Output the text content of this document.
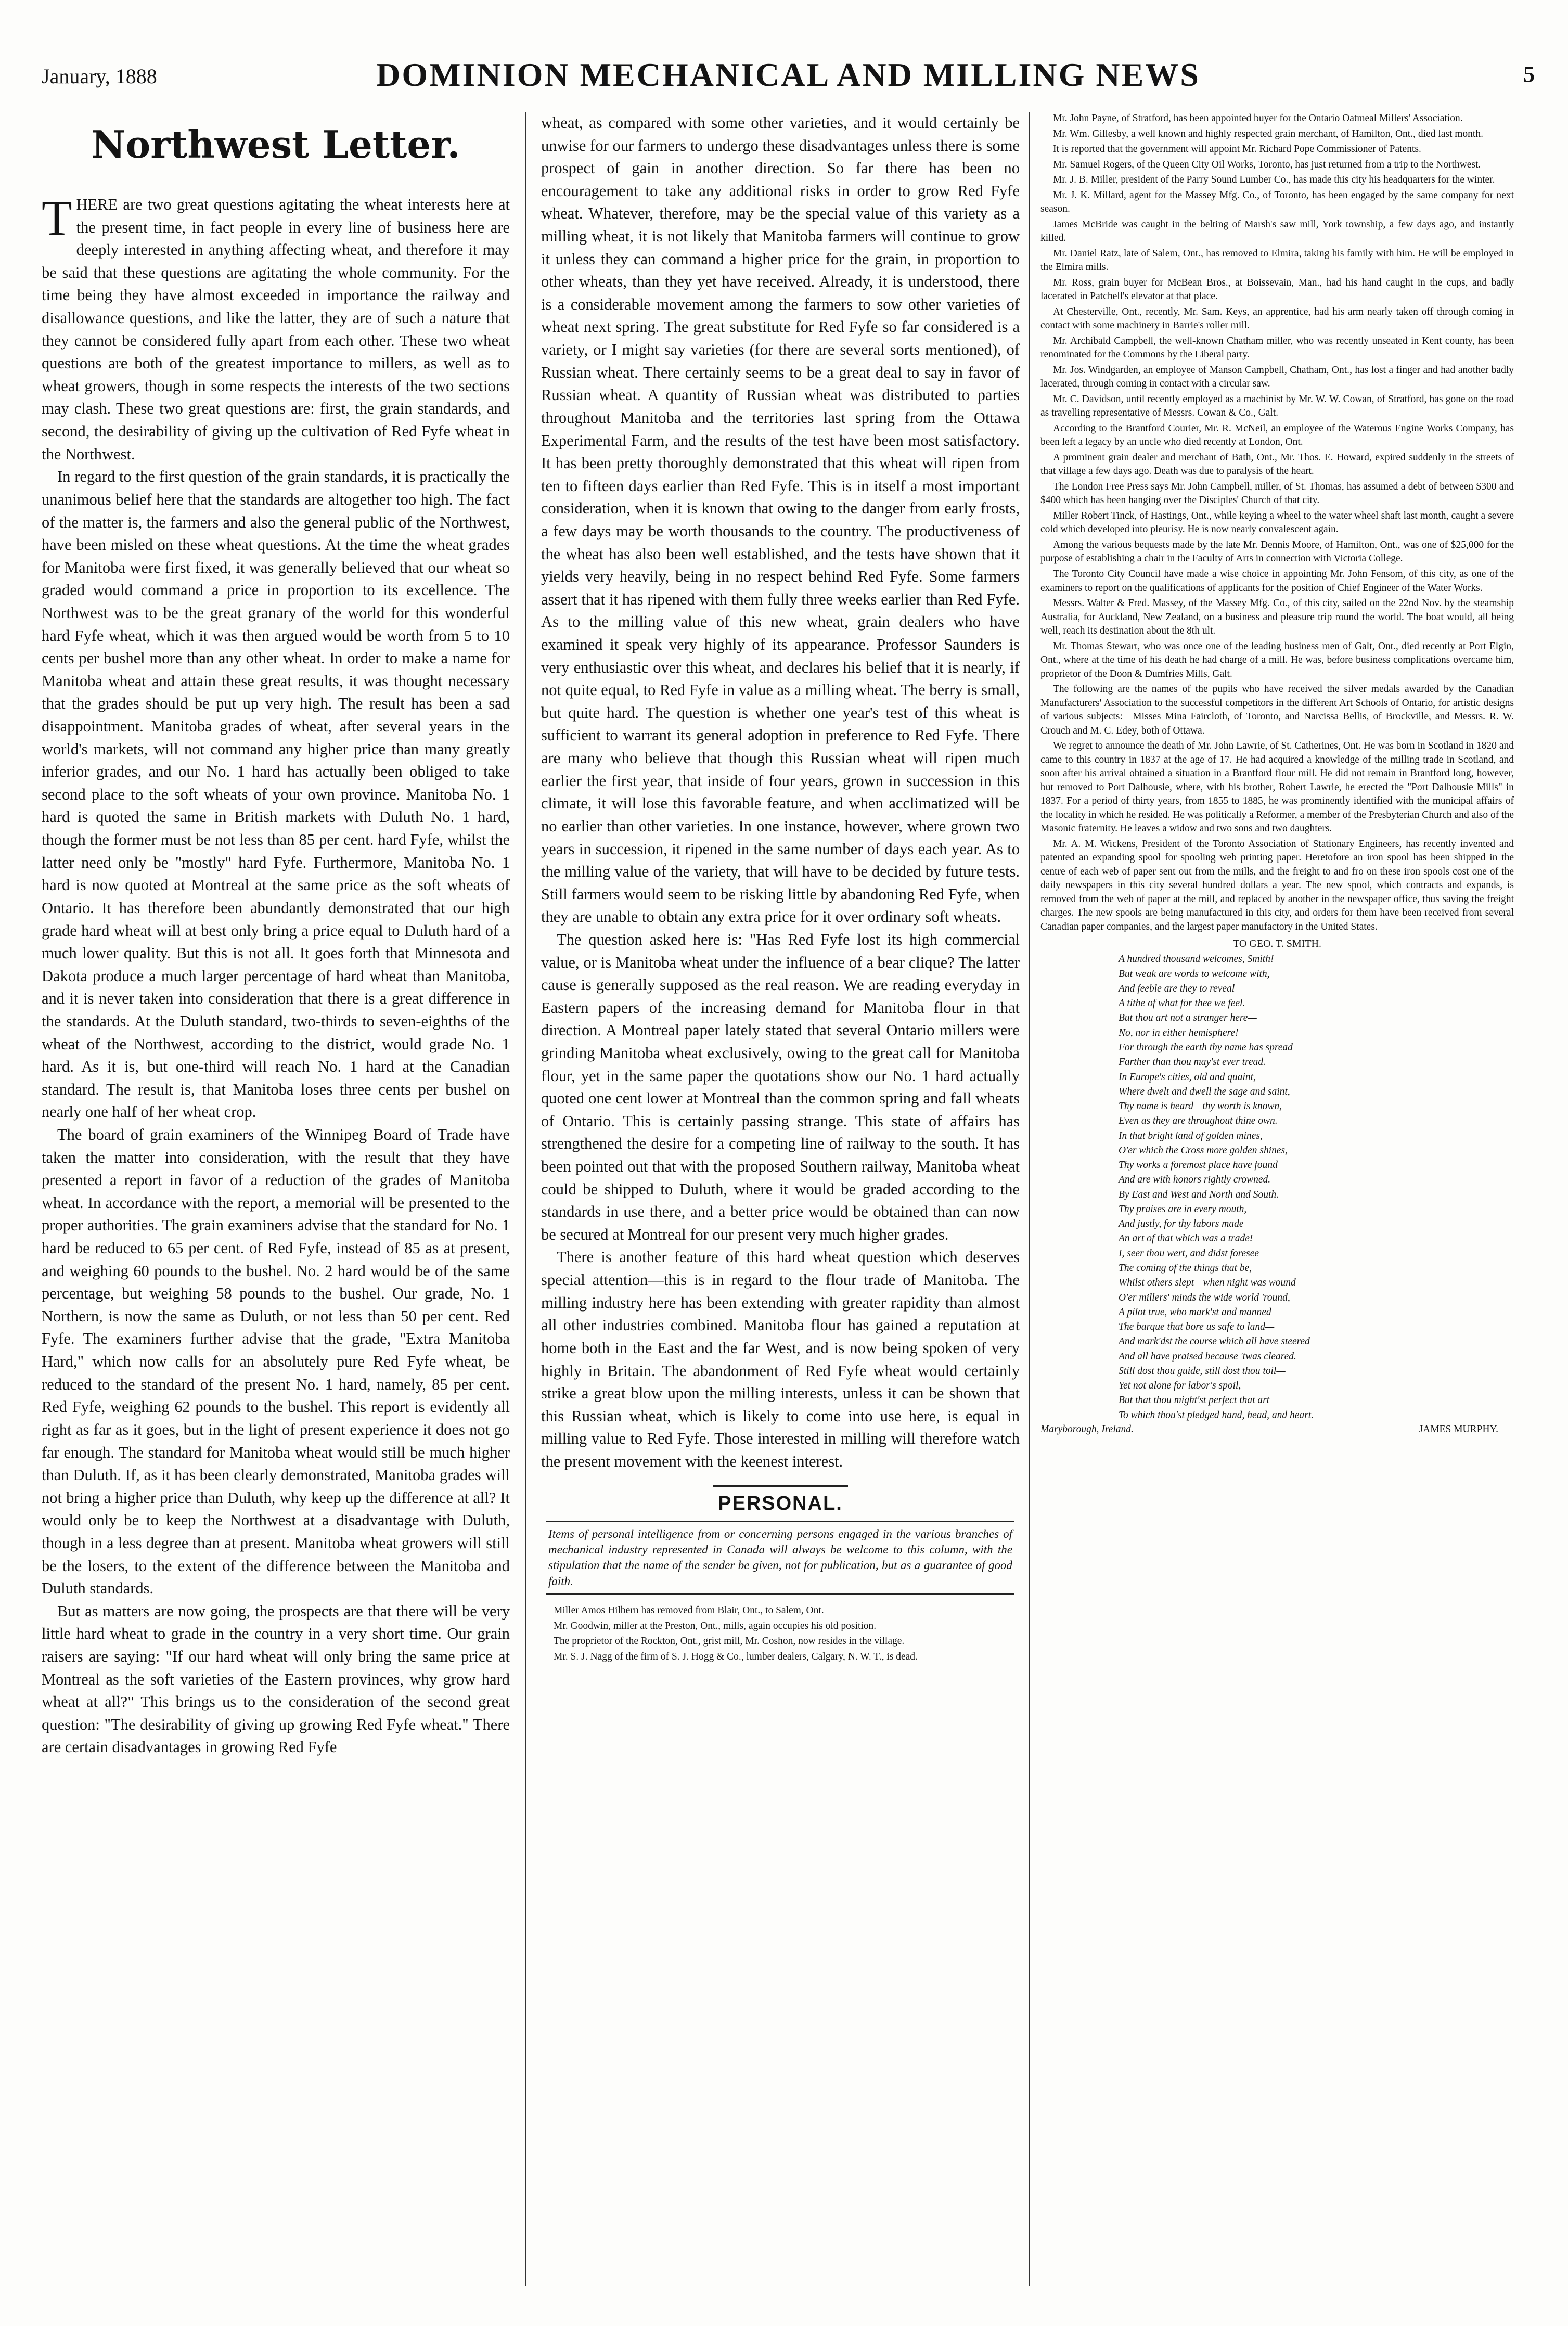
January, 1888	DOMINION MECHANICAL AND MILLING NEWS	5
Northwest Letter.

THERE are two great questions agitating the wheat interests here at the present time, in fact people in every line of business here are deeply interested in anything affecting wheat, and therefore it may be said that these questions are agitating the whole community. For the time being they have almost exceeded in importance the railway and disallowance questions, and like the latter, they are of such a nature that they cannot be considered fully apart from each other. These two wheat questions are both of the greatest importance to millers, as well as to wheat growers, though in some respects the interests of the two sections may clash. These two great questions are: first, the grain standards, and second, the desirability of giving up the cultivation of Red Fyfe wheat in the Northwest.

In regard to the first question of the grain standards, it is practically the unanimous belief here that the standards are altogether too high. The fact of the matter is, the farmers and also the general public of the Northwest, have been misled on these wheat questions. At the time the wheat grades for Manitoba were first fixed, it was generally believed that our wheat so graded would command a price in proportion to its excellence. The Northwest was to be the great granary of the world for this wonderful hard Fyfe wheat, which it was then argued would be worth from 5 to 10 cents per bushel more than any other wheat. In order to make a name for Manitoba wheat and attain these great results, it was thought necessary that the grades should be put up very high. The result has been a sad disappointment. Manitoba grades of wheat, after several years in the world's markets, will not command any higher price than many greatly inferior grades, and our No. 1 hard has actually been obliged to take second place to the soft wheats of your own province. Manitoba No. 1 hard is quoted the same in British markets with Duluth No. 1 hard, though the former must be not less than 85 per cent. hard Fyfe, whilst the latter need only be "mostly" hard Fyfe. Furthermore, Manitoba No. 1 hard is now quoted at Montreal at the same price as the soft wheats of Ontario. It has therefore been abundantly demonstrated that our high grade hard wheat will at best only bring a price equal to Duluth hard of a much lower quality. But this is not all. It goes forth that Minnesota and Dakota produce a much larger percentage of hard wheat than Manitoba, and it is never taken into consideration that there is a great difference in the standards. At the Duluth standard, two-thirds to seven-eighths of the wheat of the Northwest, according to the district, would grade No. 1 hard. As it is, but one-third will reach No. 1 hard at the Canadian standard. The result is, that Manitoba loses three cents per bushel on nearly one half of her wheat crop.

The board of grain examiners of the Winnipeg Board of Trade have taken the matter into consideration, with the result that they have presented a report in favor of a reduction of the grades of Manitoba wheat. In accordance with the report, a memorial will be presented to the proper authorities. The grain examiners advise that the standard for No. 1 hard be reduced to 65 per cent. of Red Fyfe, instead of 85 as at present, and weighing 60 pounds to the bushel. No. 2 hard would be of the same percentage, but weighing 58 pounds to the bushel. Our grade, No. 1 Northern, is now the same as Duluth, or not less than 50 per cent. Red Fyfe. The examiners further advise that the grade, "Extra Manitoba Hard," which now calls for an absolutely pure Red Fyfe wheat, be reduced to the standard of the present No. 1 hard, namely, 85 per cent. Red Fyfe, weighing 62 pounds to the bushel. This report is evidently all right as far as it goes, but in the light of present experience it does not go far enough. The standard for Manitoba wheat would still be much higher than Duluth. If, as it has been clearly demonstrated, Manitoba grades will not bring a higher price than Duluth, why keep up the difference at all? It would only be to keep the Northwest at a disadvantage with Duluth, though in a less degree than at present. Manitoba wheat growers will still be the losers, to the extent of the difference between the Manitoba and Duluth standards.

But as matters are now going, the prospects are that there will be very little hard wheat to grade in the country in a very short time. Our grain raisers are saying: "If our hard wheat will only bring the same price at Montreal as the soft varieties of the Eastern provinces, why grow hard wheat at all?" This brings us to the consideration of the second great question: "The desirability of giving up growing Red Fyfe wheat." There are certain disadvantages in growing Red Fyfe

wheat, as compared with some other varieties, and it would certainly be unwise for our farmers to undergo these disadvantages unless there is some prospect of gain in another direction. So far there has been no encouragement to take any additional risks in order to grow Red Fyfe wheat. Whatever, therefore, may be the special value of this variety as a milling wheat, it is not likely that Manitoba farmers will continue to grow it unless they can command a higher price for the grain, in proportion to other wheats, than they yet have received. Already, it is understood, there is a considerable movement among the farmers to sow other varieties of wheat next spring. The great substitute for Red Fyfe so far considered is a variety, or I might say varieties (for there are several sorts mentioned), of Russian wheat. There certainly seems to be a great deal to say in favor of Russian wheat. A quantity of Russian wheat was distributed to parties throughout Manitoba and the territories last spring from the Ottawa Experimental Farm, and the results of the test have been most satisfactory. It has been pretty thoroughly demonstrated that this wheat will ripen from ten to fifteen days earlier than Red Fyfe. This is in itself a most important consideration, when it is known that owing to the danger from early frosts, a few days may be worth thousands to the country. The productiveness of the wheat has also been well established, and the tests have shown that it yields very heavily, being in no respect behind Red Fyfe. Some farmers assert that it has ripened with them fully three weeks earlier than Red Fyfe. As to the milling value of this new wheat, grain dealers who have examined it speak very highly of its appearance. Professor Saunders is very enthusiastic over this wheat, and declares his belief that it is nearly, if not quite equal, to Red Fyfe in value as a milling wheat. The berry is small, but quite hard. The question is whether one year's test of this wheat is sufficient to warrant its general adoption in preference to Red Fyfe. There are many who believe that though this Russian wheat will ripen much earlier the first year, that inside of four years, grown in succession in this climate, it will lose this favorable feature, and when acclimatized will be no earlier than other varieties. In one instance, however, where grown two years in succession, it ripened in the same number of days each year. As to the milling value of the variety, that will have to be decided by future tests. Still farmers would seem to be risking little by abandoning Red Fyfe, when they are unable to obtain any extra price for it over ordinary soft wheats.

The question asked here is: "Has Red Fyfe lost its high commercial value, or is Manitoba wheat under the influence of a bear clique? The latter cause is generally supposed as the real reason. We are reading everyday in Eastern papers of the increasing demand for Manitoba flour in that direction. A Montreal paper lately stated that several Ontario millers were grinding Manitoba wheat exclusively, owing to the great call for Manitoba flour, yet in the same paper the quotations show our No. 1 hard actually quoted one cent lower at Montreal than the common spring and fall wheats of Ontario. This is certainly passing strange. This state of affairs has strengthened the desire for a competing line of railway to the south. It has been pointed out that with the proposed Southern railway, Manitoba wheat could be shipped to Duluth, where it would be graded according to the standards in use there, and a better price would be obtained than can now be secured at Montreal for our present very much higher grades.

There is another feature of this hard wheat question which deserves special attention—this is in regard to the flour trade of Manitoba. The milling industry here has been extending with greater rapidity than almost all other industries combined. Manitoba flour has gained a reputation at home both in the East and the far West, and is now being spoken of very highly in Britain. The abandonment of Red Fyfe wheat would certainly strike a great blow upon the milling interests, unless it can be shown that this Russian wheat, which is likely to come into use here, is equal in milling value to Red Fyfe. Those interested in milling will therefore watch the present movement with the keenest interest.

PERSONAL.
Items of personal intelligence from or concerning persons engaged in the various branches of mechanical industry represented in Canada will always be welcome to this column, with the stipulation that the name of the sender be given, not for publication, but as a guarantee of good faith.

Miller Amos Hilbern has removed from Blair, Ont., to Salem, Ont.

Mr. Goodwin, miller at the Preston, Ont., mills, again occupies his old position.

The proprietor of the Rockton, Ont., grist mill, Mr. Coshon, now resides in the village.

Mr. S. J. Nagg of the firm of S. J. Hogg & Co., lumber dealers, Calgary, N. W. T., is dead.

Mr. John Payne, of Stratford, has been appointed buyer for the Ontario Oatmeal Millers' Association.

Mr. Wm. Gillesby, a well known and highly respected grain merchant, of Hamilton, Ont., died last month.

It is reported that the government will appoint Mr. Richard Pope Commissioner of Patents.

Mr. Samuel Rogers, of the Queen City Oil Works, Toronto, has just returned from a trip to the Northwest.

Mr. J. B. Miller, president of the Parry Sound Lumber Co., has made this city his headquarters for the winter.

Mr. J. K. Millard, agent for the Massey Mfg. Co., of Toronto, has been engaged by the same company for next season.

James McBride was caught in the belting of Marsh's saw mill, York township, a few days ago, and instantly killed.

Mr. Daniel Ratz, late of Salem, Ont., has removed to Elmira, taking his family with him. He will be employed in the Elmira mills.

Mr. Ross, grain buyer for McBean Bros., at Boissevain, Man., had his hand caught in the cups, and badly lacerated in Patchell's elevator at that place.

At Chesterville, Ont., recently, Mr. Sam. Keys, an apprentice, had his arm nearly taken off through coming in contact with some machinery in Barrie's roller mill.

Mr. Archibald Campbell, the well-known Chatham miller, who was recently unseated in Kent county, has been renominated for the Commons by the Liberal party.

Mr. Jos. Windgarden, an employee of Manson Campbell, Chatham, Ont., has lost a finger and had another badly lacerated, through coming in contact with a circular saw.

Mr. C. Davidson, until recently employed as a machinist by Mr. W. W. Cowan, of Stratford, has gone on the road as travelling representative of Messrs. Cowan & Co., Galt.

According to the Brantford Courier, Mr. R. McNeil, an employee of the Waterous Engine Works Company, has been left a legacy by an uncle who died recently at London, Ont.

A prominent grain dealer and merchant of Bath, Ont., Mr. Thos. E. Howard, expired suddenly in the streets of that village a few days ago. Death was due to paralysis of the heart.

The London Free Press says Mr. John Campbell, miller, of St. Thomas, has assumed a debt of between $300 and $400 which has been hanging over the Disciples' Church of that city.

Miller Robert Tinck, of Hastings, Ont., while keying a wheel to the water wheel shaft last month, caught a severe cold which developed into pleurisy. He is now nearly convalescent again.

Among the various bequests made by the late Mr. Dennis Moore, of Hamilton, Ont., was one of $25,000 for the purpose of establishing a chair in the Faculty of Arts in connection with Victoria College.

The Toronto City Council have made a wise choice in appointing Mr. John Fensom, of this city, as one of the examiners to report on the qualifications of applicants for the position of Chief Engineer of the Water Works.

Messrs. Walter & Fred. Massey, of the Massey Mfg. Co., of this city, sailed on the 22nd Nov. by the steamship Australia, for Auckland, New Zealand, on a business and pleasure trip round the world. The boat would, all being well, reach its destination about the 8th ult.

Mr. Thomas Stewart, who was once one of the leading business men of Galt, Ont., died recently at Port Elgin, Ont., where at the time of his death he had charge of a mill. He was, before business complications overcame him, proprietor of the Doon & Dumfries Mills, Galt.

The following are the names of the pupils who have received the silver medals awarded by the Canadian Manufacturers' Association to the successful competitors in the different Art Schools of Ontario, for artistic designs of various subjects:—Misses Mina Faircloth, of Toronto, and Narcissa Bellis, of Brockville, and Messrs. R. W. Crouch and M. C. Edey, both of Ottawa.

We regret to announce the death of Mr. John Lawrie, of St. Catherines, Ont. He was born in Scotland in 1820 and came to this country in 1837 at the age of 17. He had acquired a knowledge of the milling trade in Scotland, and soon after his arrival obtained a situation in a Brantford flour mill. He did not remain in Brantford long, however, but removed to Port Dalhousie, where, with his brother, Robert Lawrie, he erected the "Port Dalhousie Mills" in 1837. For a period of thirty years, from 1855 to 1885, he was prominently identified with the municipal affairs of the locality in which he resided. He was politically a Reformer, a member of the Presbyterian Church and also of the Masonic fraternity. He leaves a widow and two sons and two daughters.

Mr. A. M. Wickens, President of the Toronto Association of Stationary Engineers, has recently invented and patented an expanding spool for spooling web printing paper. Heretofore an iron spool has been shipped in the centre of each web of paper sent out from the mills, and the freight to and fro on these iron spools cost one of the daily newspapers in this city several hundred dollars a year. The new spool, which contracts and expands, is removed from the web of paper at the mill, and replaced by another in the newspaper office, thus saving the freight charges. The new spools are being manufactured in this city, and orders for them have been received from several Canadian paper companies, and the largest paper manufactory in the United States.

TO GEO. T. SMITH.
A hundred thousand welcomes, Smith!
But weak are words to welcome with,
And feeble are they to reveal
A tithe of what for thee we feel.
But thou art not a stranger here—
No, nor in either hemisphere!
For through the earth thy name has spread
Farther than thou may'st ever tread.
In Europe's cities, old and quaint,
Where dwelt and dwell the sage and saint,
Thy name is heard—thy worth is known,
Even as they are throughout thine own.
In that bright land of golden mines,
O'er which the Cross more golden shines,
Thy works a foremost place have found
And are with honors rightly crowned.
By East and West and North and South.
Thy praises are in every mouth,—
And justly, for thy labors made
An art of that which was a trade!
I, seer thou wert, and didst foresee
The coming of the things that be,
Whilst others slept—when night was wound
O'er millers' minds the wide world 'round,
A pilot true, who mark'st and manned
The barque that bore us safe to land—
And mark'dst the course which all have steered
And all have praised because 'twas cleared.
Still dost thou guide, still dost thou toil—
Yet not alone for labor's spoil,
But that thou might'st perfect that art
To which thou'st pledged hand, head, and heart.
Maryborough, Ireland.	JAMES MURPHY.
